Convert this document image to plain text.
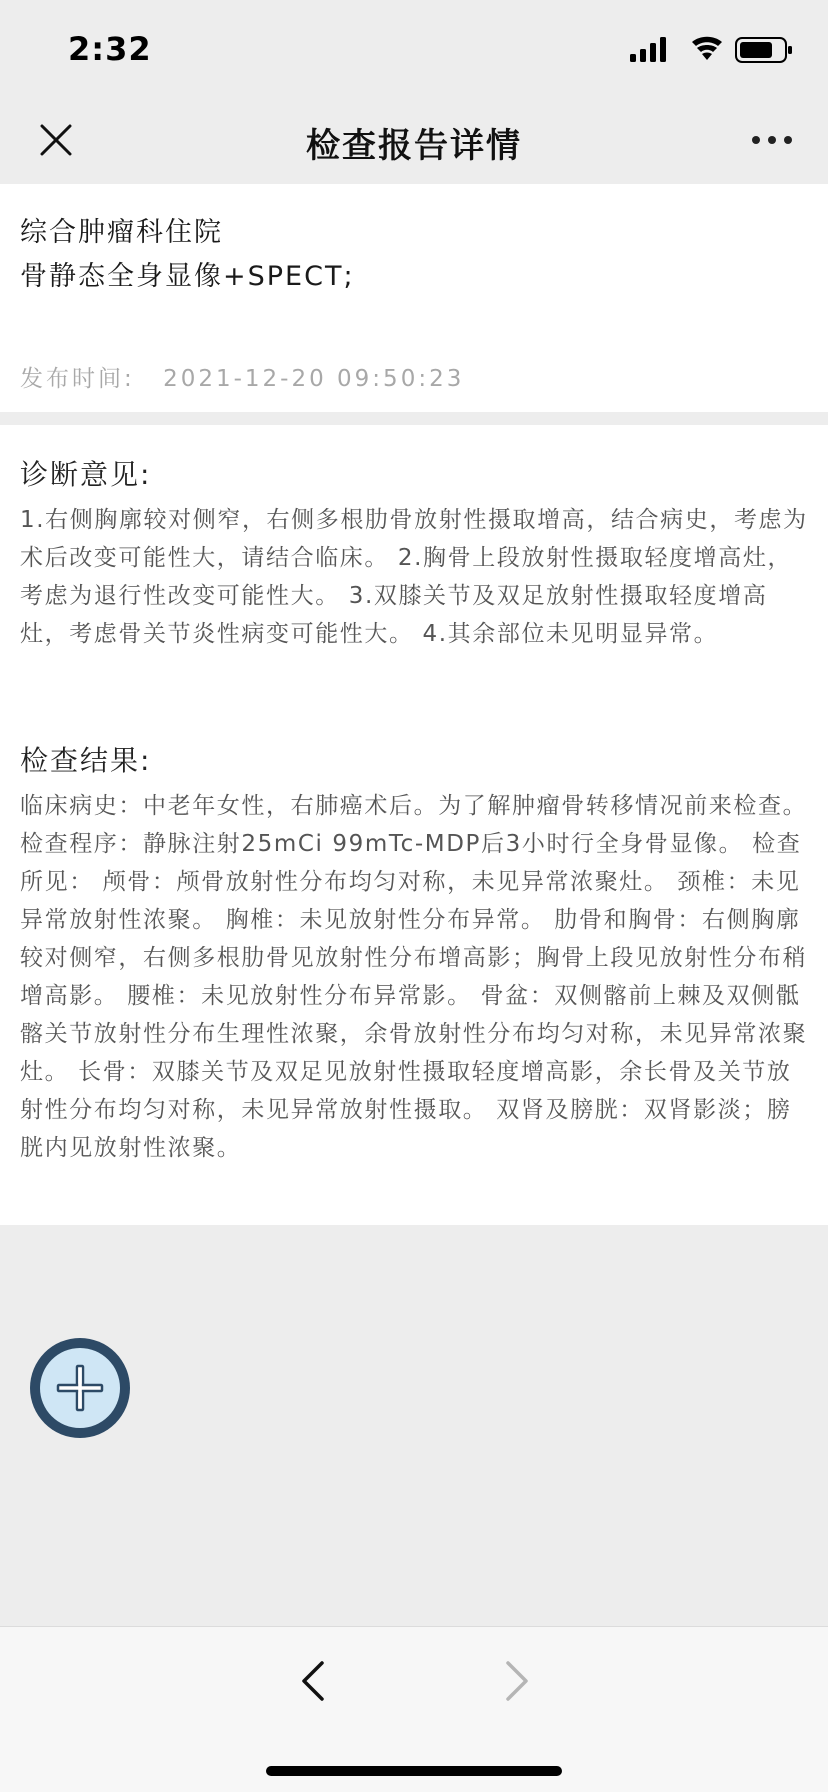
2:32
检查报告详情
综合肿瘤科住院
骨静态全身显像+SPECT;
发布时间: 2021-12-20 09:50:23
诊断意见:
1.右侧胸廓较对侧窄，右侧多根肋骨放射性摄取增高，结合病史，考虑为术后改变可能性大，请结合临床。 2.胸骨上段放射性摄取轻度增高灶，考虑为退行性改变可能性大。 3.双膝关节及双足放射性摄取轻度增高灶，考虑骨关节炎性病变可能性大。 4.其余部位未见明显异常。
检查结果:
临床病史：中老年女性，右肺癌术后。为了解肿瘤骨转移情况前来检查。 检查程序：静脉注射25mCi 99mTc-MDP后3小时行全身骨显像。 检查所见： 颅骨：颅骨放射性分布均匀对称，未见异常浓聚灶。 颈椎：未见异常放射性浓聚。 胸椎：未见放射性分布异常。 肋骨和胸骨：右侧胸廓较对侧窄，右侧多根肋骨见放射性分布增高影；胸骨上段见放射性分布稍增高影。 腰椎：未见放射性分布异常影。 骨盆：双侧髂前上棘及双侧骶髂关节放射性分布生理性浓聚，余骨放射性分布均匀对称，未见异常浓聚灶。 长骨：双膝关节及双足见放射性摄取轻度增高影，余长骨及关节放射性分布均匀对称，未见异常放射性摄取。 双肾及膀胱：双肾影淡；膀胱内见放射性浓聚。
